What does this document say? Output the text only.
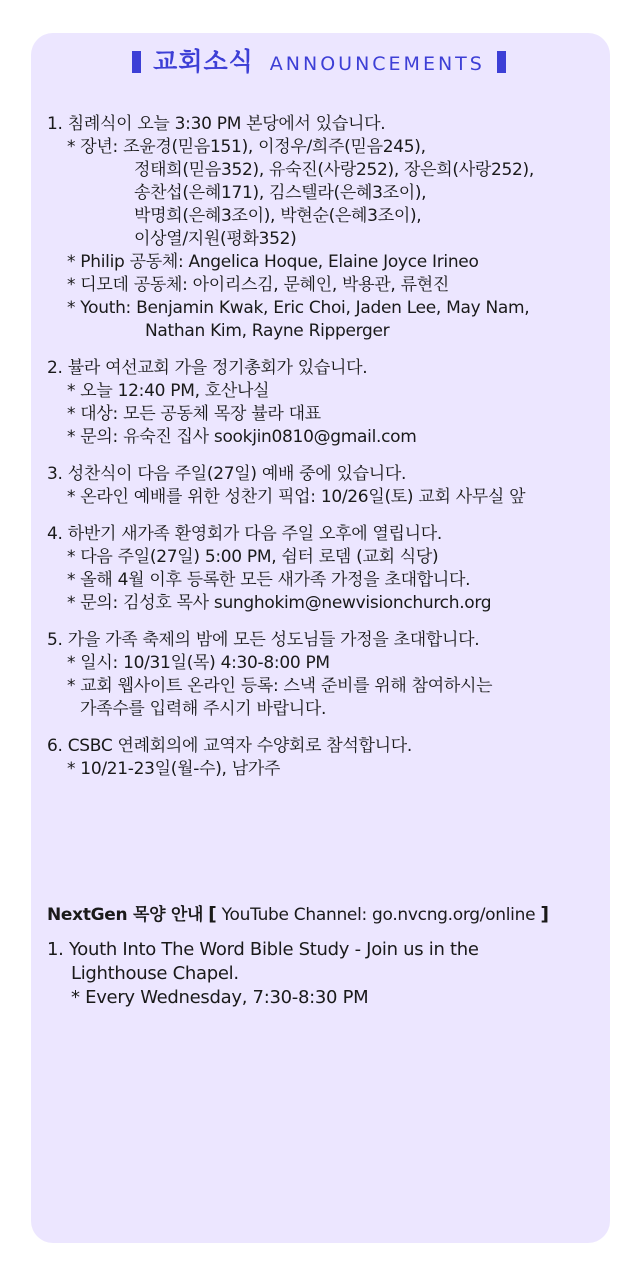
교회소식 ANNOUNCEMENTS
1. 침례식이 오늘 3:30 PM 본당에서 있습니다.
* 장년: 조윤경(믿음151), 이정우/희주(믿음245),
정태희(믿음352), 유숙진(사랑252), 장은희(사랑252),
송찬섭(은혜171), 김스텔라(은혜3조이),
박명희(은혜3조이), 박현순(은혜3조이),
이상열/지원(평화352)
* Philip 공동체: Angelica Hoque, Elaine Joyce Irineo
* 디모데 공동체: 아이리스김, 문혜인, 박용관, 류현진
* Youth: Benjamin Kwak, Eric Choi, Jaden Lee, May Nam,
Nathan Kim, Rayne Ripperger
2. 뷸라 여선교회 가을 정기총회가 있습니다.
* 오늘 12:40 PM, 호산나실
* 대상: 모든 공동체 목장 뷸라 대표
* 문의: 유숙진 집사 sookjin0810@gmail.com
3. 성찬식이 다음 주일(27일) 예배 중에 있습니다.
* 온라인 예배를 위한 성찬기 픽업: 10/26일(토) 교회 사무실 앞
4. 하반기 새가족 환영회가 다음 주일 오후에 열립니다.
* 다음 주일(27일) 5:00 PM, 쉼터 로뎀 (교회 식당)
* 올해 4월 이후 등록한 모든 새가족 가정을 초대합니다.
* 문의: 김성호 목사 sunghokim@newvisionchurch.org
5. 가을 가족 축제의 밤에 모든 성도님들 가정을 초대합니다.
* 일시: 10/31일(목) 4:30-8:00 PM
* 교회 웹사이트 온라인 등록: 스낵 준비를 위해 참여하시는
가족수를 입력해 주시기 바랍니다.
6. CSBC 연례회의에 교역자 수양회로 참석합니다.
* 10/21-23일(월-수), 남가주
NextGen 목양 안내 [ YouTube Channel: go.nvcng.org/online ]
1. Youth Into The Word Bible Study - Join us in the
Lighthouse Chapel.
* Every Wednesday, 7:30-8:30 PM
